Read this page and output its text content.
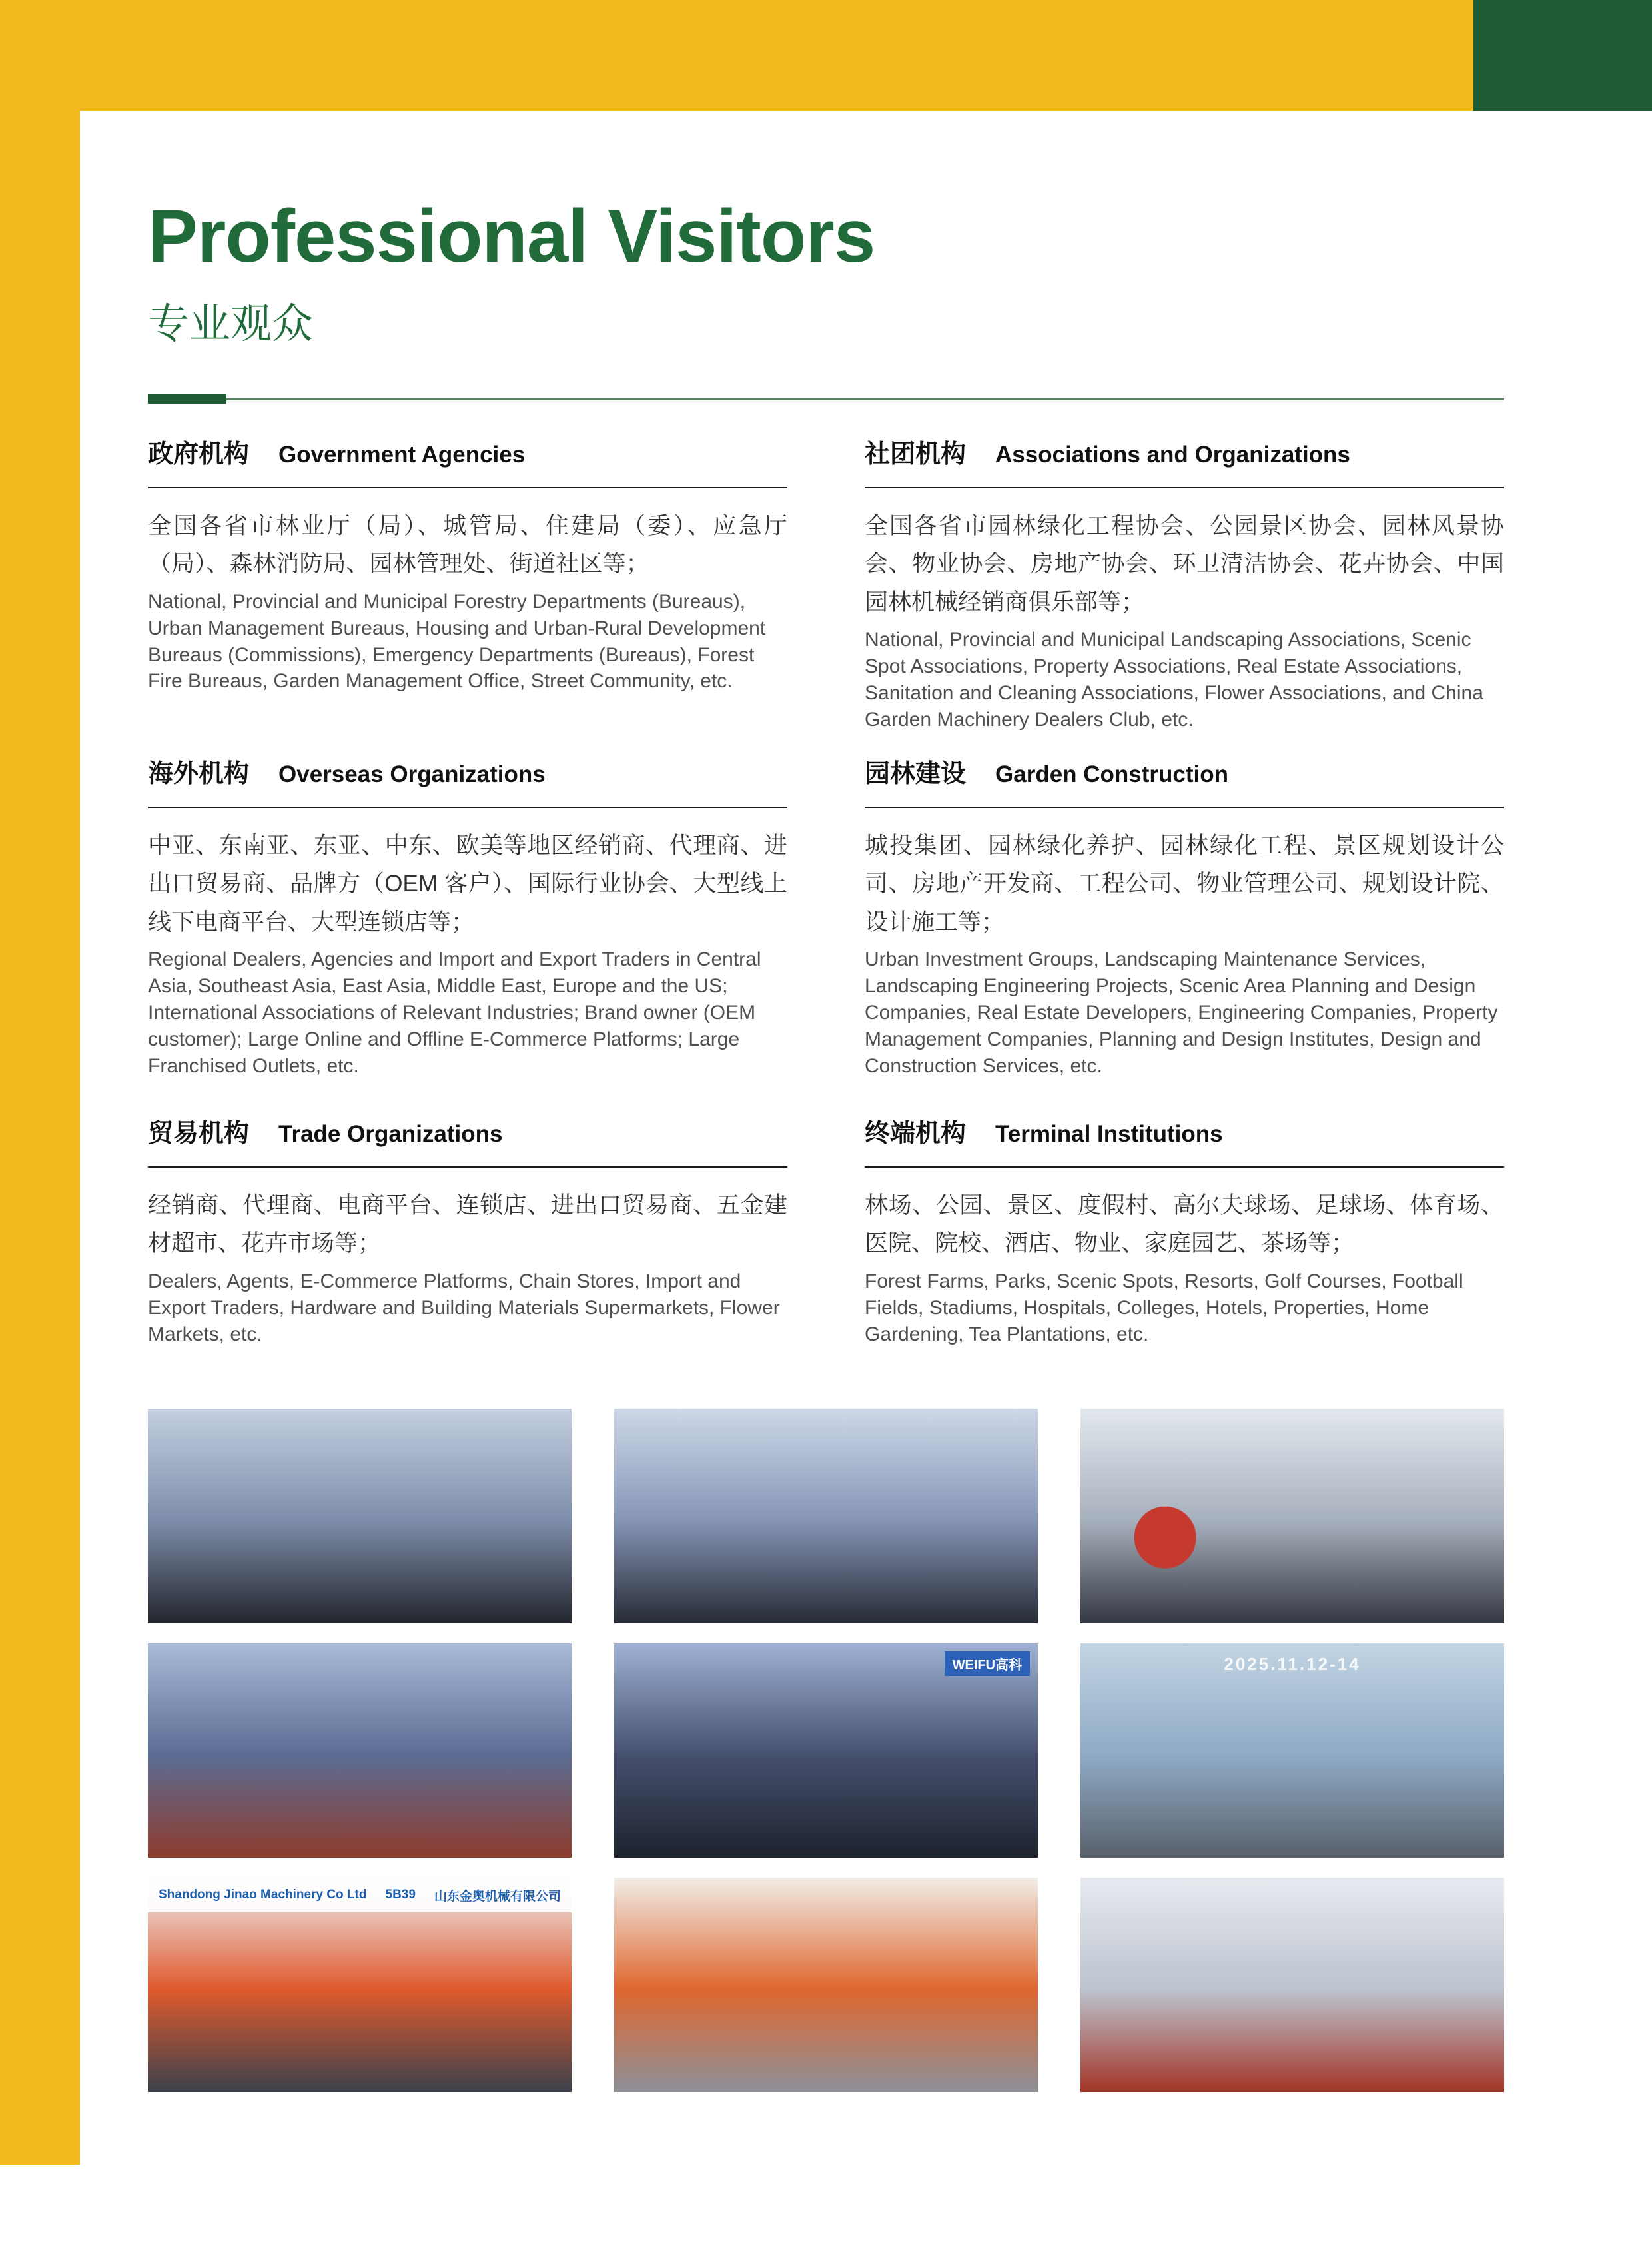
Professional Visitors
专业观众
政府机构 Government Agencies

全国各省市林业厅（局）、城管局、住建局（委）、应急厅（局）、森林消防局、园林管理处、街道社区等；

National, Provincial and Municipal Forestry Departments (Bureaus), Urban Management Bureaus, Housing and Urban-Rural Development Bureaus (Commissions), Emergency Departments (Bureaus), Forest Fire Bureaus, Garden Management Office, Street Community, etc.

社团机构 Associations and Organizations

全国各省市园林绿化工程协会、公园景区协会、园林风景协会、物业协会、房地产协会、环卫清洁协会、花卉协会、中国园林机械经销商俱乐部等；

National, Provincial and Municipal Landscaping Associations, Scenic Spot Associations, Property Associations, Real Estate Associations, Sanitation and Cleaning Associations, Flower Associations, and China Garden Machinery Dealers Club, etc.

海外机构 Overseas Organizations

中亚、东南亚、东亚、中东、欧美等地区经销商、代理商、进出口贸易商、品牌方（OEM 客户）、国际行业协会、大型线上线下电商平台、大型连锁店等；

Regional Dealers, Agencies and Import and Export Traders in Central Asia, Southeast Asia, East Asia, Middle East, Europe and the US; International Associations of Relevant Industries; Brand owner (OEM customer); Large Online and Offline E-Commerce Platforms; Large Franchised Outlets, etc.

园林建设 Garden Construction

城投集团、园林绿化养护、园林绿化工程、景区规划设计公司、房地产开发商、工程公司、物业管理公司、规划设计院、设计施工等；

Urban Investment Groups, Landscaping Maintenance Services, Landscaping Engineering Projects, Scenic Area Planning and Design Companies, Real Estate Developers, Engineering Companies, Property Management Companies, Planning and Design Institutes, Design and Construction Services, etc.

贸易机构 Trade Organizations

经销商、代理商、电商平台、连锁店、进出口贸易商、五金建材超市、花卉市场等；

Dealers, Agents, E-Commerce Platforms, Chain Stores, Import and Export Traders, Hardware and Building Materials Supermarkets, Flower Markets, etc.

终端机构 Terminal Institutions

林场、公园、景区、度假村、高尔夫球场、足球场、体育场、医院、院校、酒店、物业、家庭园艺、茶场等；

Forest Farms, Parks, Scenic Spots, Resorts, Golf Courses, Football Fields, Stadiums, Hospitals, Colleges, Hotels, Properties, Home Gardening, Tea Plantations, etc.

WEIFU高科	2025.11.12-14
Shandong Jinao Machinery Co Ltd 5B39 山东金奥机械有限公司
